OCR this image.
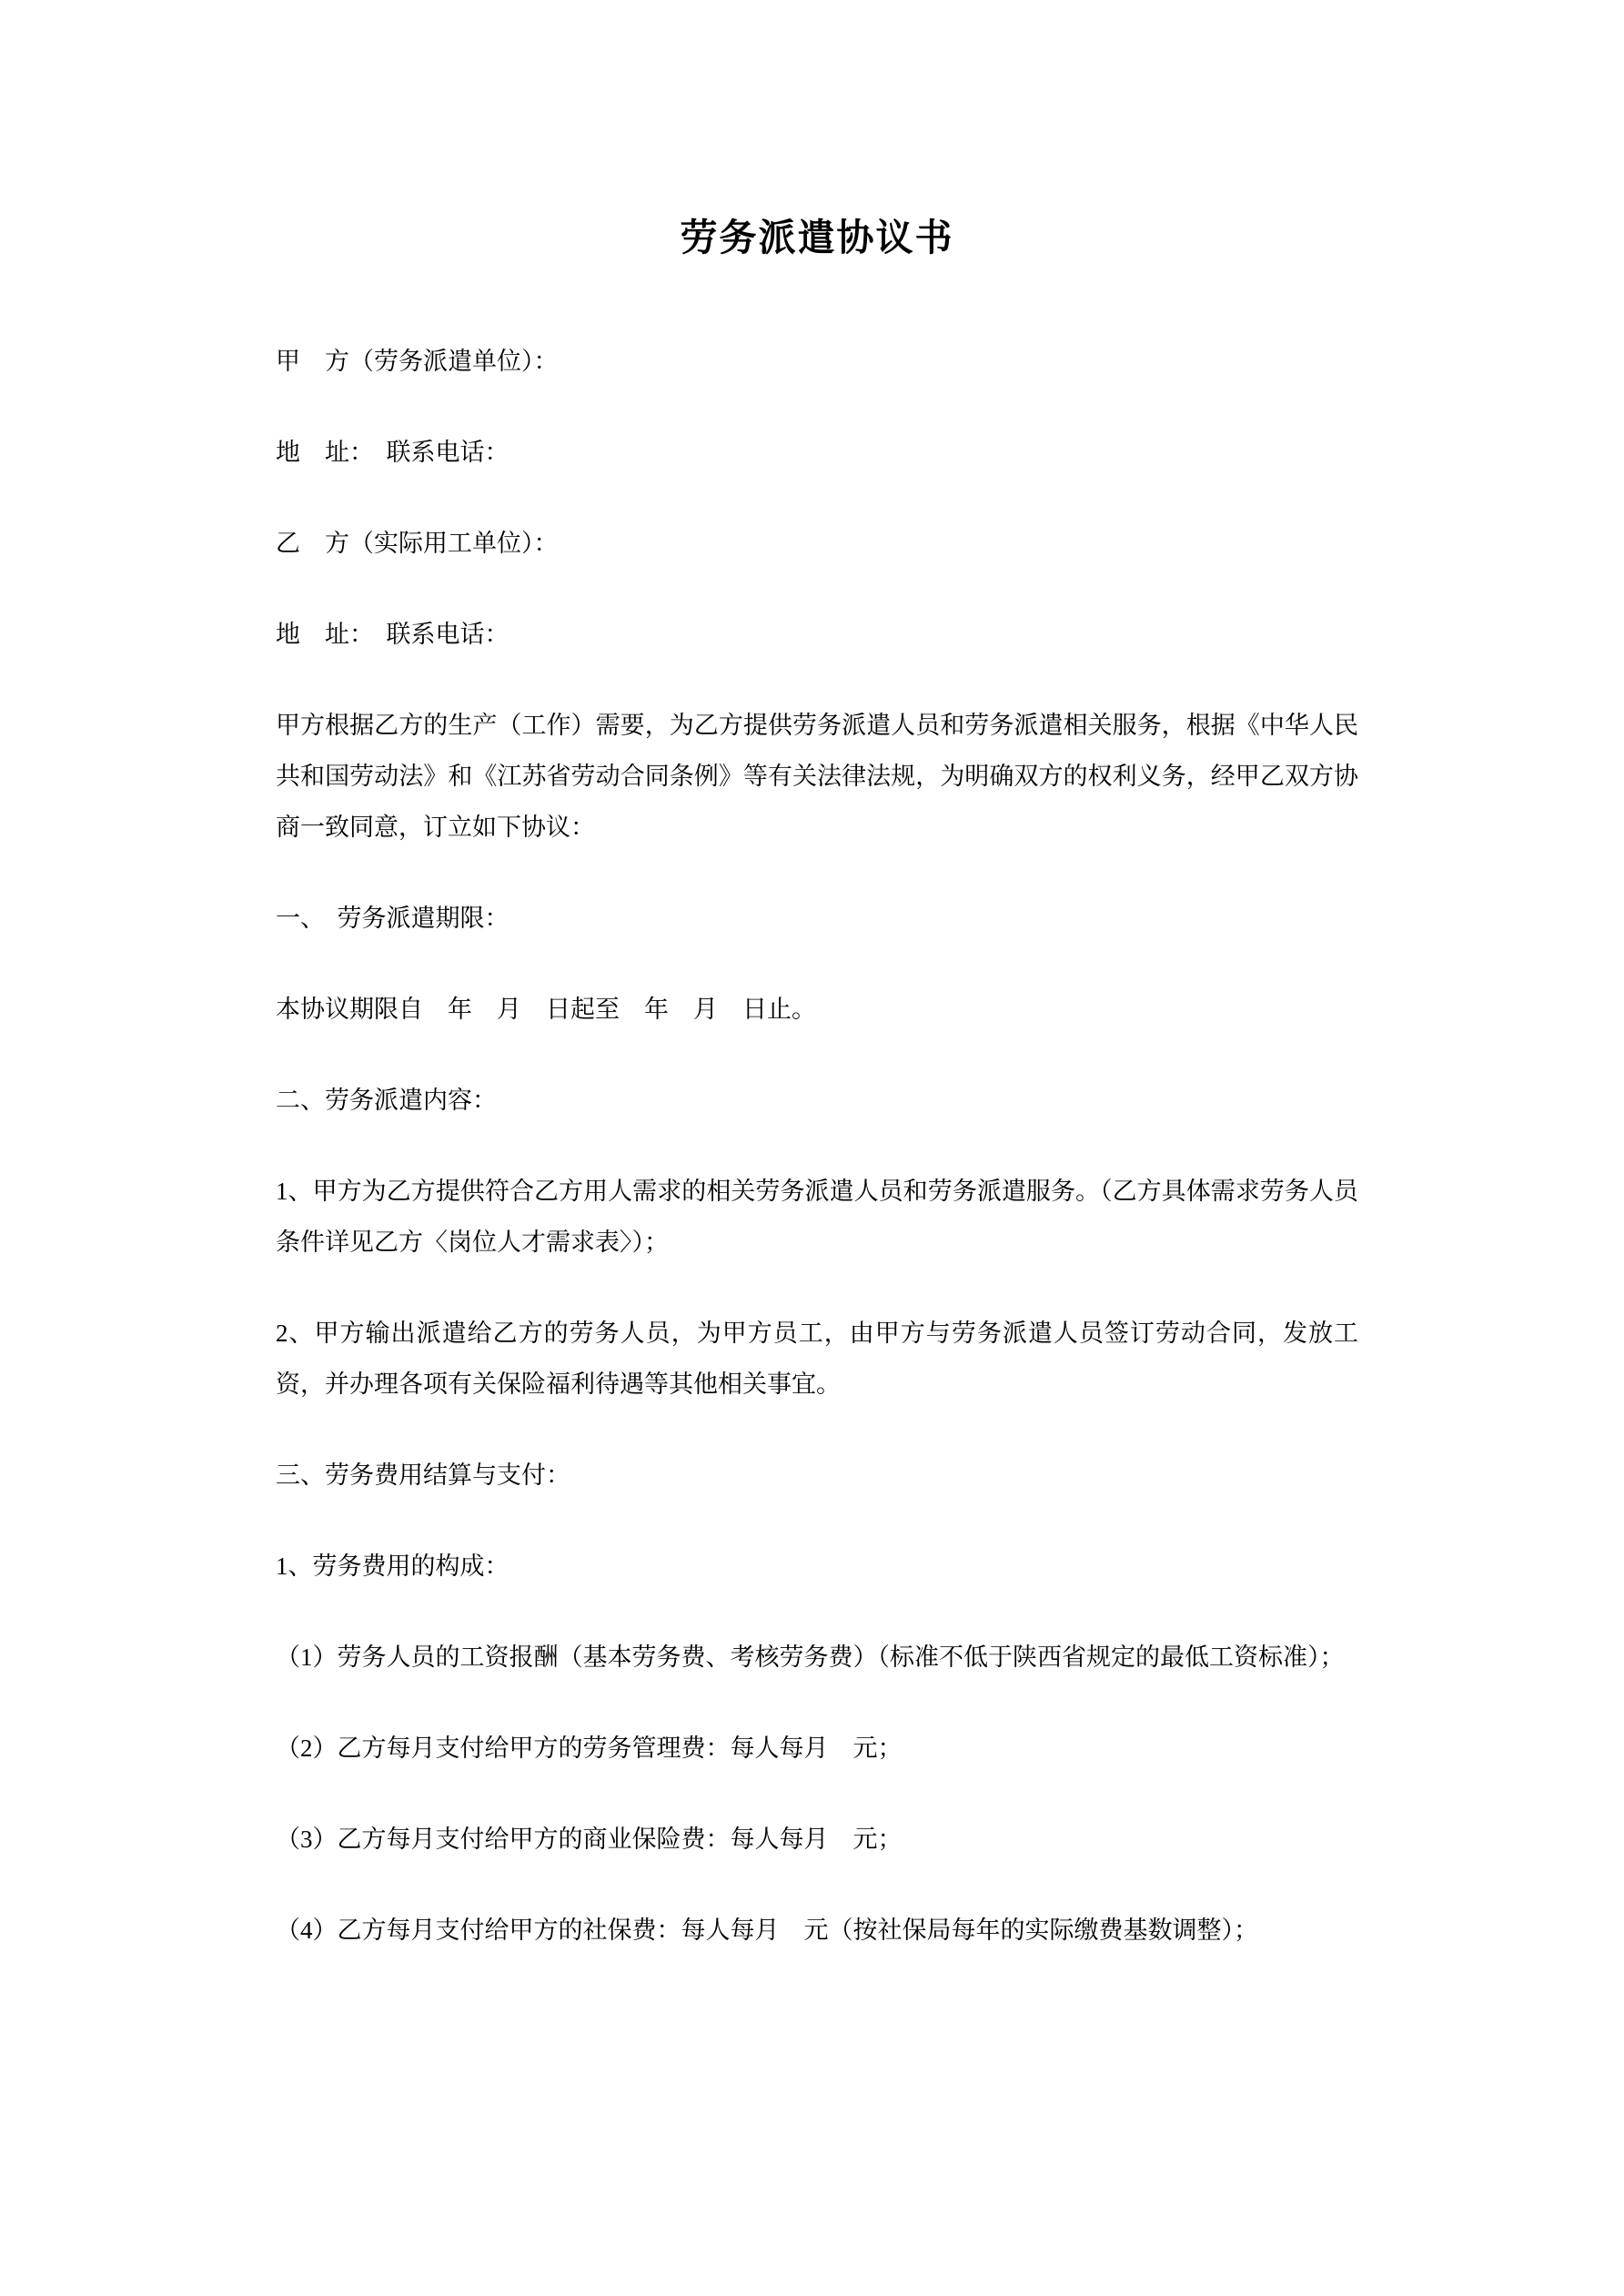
劳务派遣协议书

甲　方（劳务派遣单位）：

地　址：　联系电话：

乙　方（实际用工单位）：

地　址：　联系电话：

甲方根据乙方的生产（工作）需要，为乙方提供劳务派遣人员和劳务派遣相关服务，根据《中华人民共和国劳动法》和《江苏省劳动合同条例》等有关法律法规，为明确双方的权利义务，经甲乙双方协商一致同意，订立如下协议：

一、　劳务派遣期限：

本协议期限自　年　月　日起至　年　月　日止。

二、劳务派遣内容：

1、甲方为乙方提供符合乙方用人需求的相关劳务派遣人员和劳务派遣服务。（乙方具体需求劳务人员条件详见乙方〈岗位人才需求表〉）；

2、甲方输出派遣给乙方的劳务人员，为甲方员工，由甲方与劳务派遣人员签订劳动合同，发放工资，并办理各项有关保险福利待遇等其他相关事宜。

三、劳务费用结算与支付：

1、劳务费用的构成：

（1）劳务人员的工资报酬（基本劳务费、考核劳务费）（标准不低于陕西省规定的最低工资标准）；

（2）乙方每月支付给甲方的劳务管理费：每人每月　元；

（3）乙方每月支付给甲方的商业保险费：每人每月　元；

（4）乙方每月支付给甲方的社保费：每人每月　元（按社保局每年的实际缴费基数调整）；
